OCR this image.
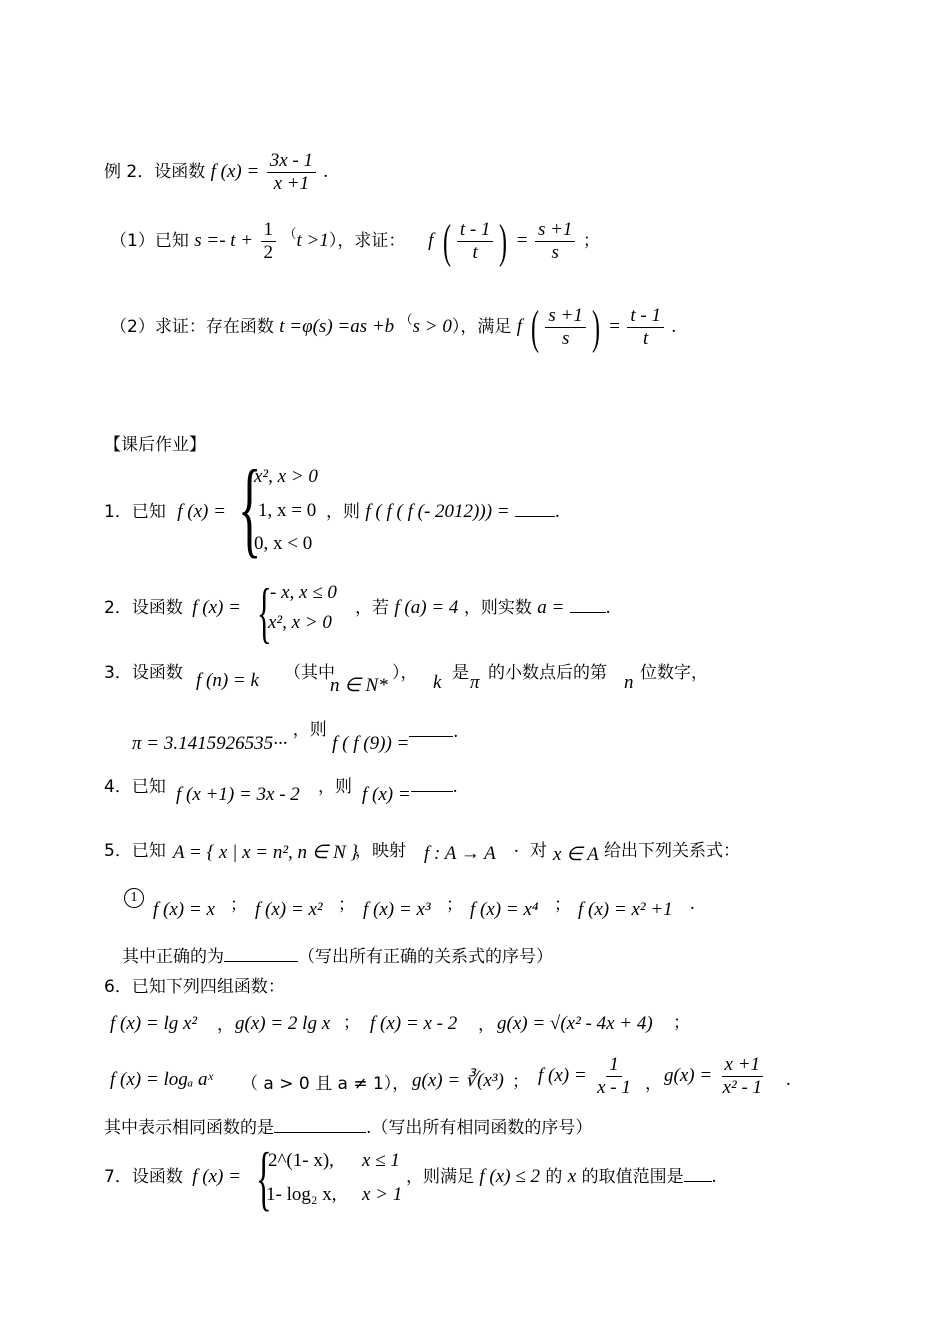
例 2．设函数 f $(x) = \frac{3x - 1}{x +1}$ .
（1）已知 $s =- t + \frac{1}{2} ^(t >1$），求证： f ( $\frac{t - 1}{t}$ ) = $\frac{s +1}{s}$ ；
（2）求证：存在函数 t =φ(s) =as +b （s > 0），满足 f ( $\frac{s +1}{s}$ ) = $\frac{t - 1}{t}$ .
【课后作业】
1．已知 f (x) = {
x², x > 0
1, x = 0
0, x < 0
，则 f ( f ( f (- 2012))) = .
2．设函数 f (x) = {
- x, x ≤ 0
x², x > 0
，若 f (a) = 4 ，则实数 a = .
3．设函数 f (n) = k （其中
n ∈ N*
）， k 是 π 的小数点后的第 n 位数字，
π = 3.1415926535··· ，则 f ( f (9)) =.
4．已知 f (x +1) = 3x - 2 ，则 f (x) = .
5．已知 A = { x | x = n², n ∈ N }
，映射 f : A → A . 对 x ∈ A 给出下列关系式：
1
f (x) = x ； f (x) = x² ； f (x) = x³ ； f (x) = x⁴ ； f (x) = x² +1 .
其中正确的为	（写出所有正确的关系式的序号）
6．已知下列四组函数：
f (x) = lg x² ， g(x) = 2 lg x ； f (x) = x - 2 ， g(x) = √(x² - 4x + 4) ；
f (x) = logₐ aˣ （ a > 0 且 a ≠ 1）， g(x) = ∛(x³) ； f $(x) = \frac{1}{x - 1}$ ， $g(x) = \frac{x +1}{\text{x² - 1}}$ .
其中表示相同函数的是	.（写出所有相同函数的序号）
7．设函数 f (x) = {
2^(1- x), x ≤ 1
1- log₂ x, x > 1
，则满足 f (x) ≤ 2 的 x 的取值范围是 .
